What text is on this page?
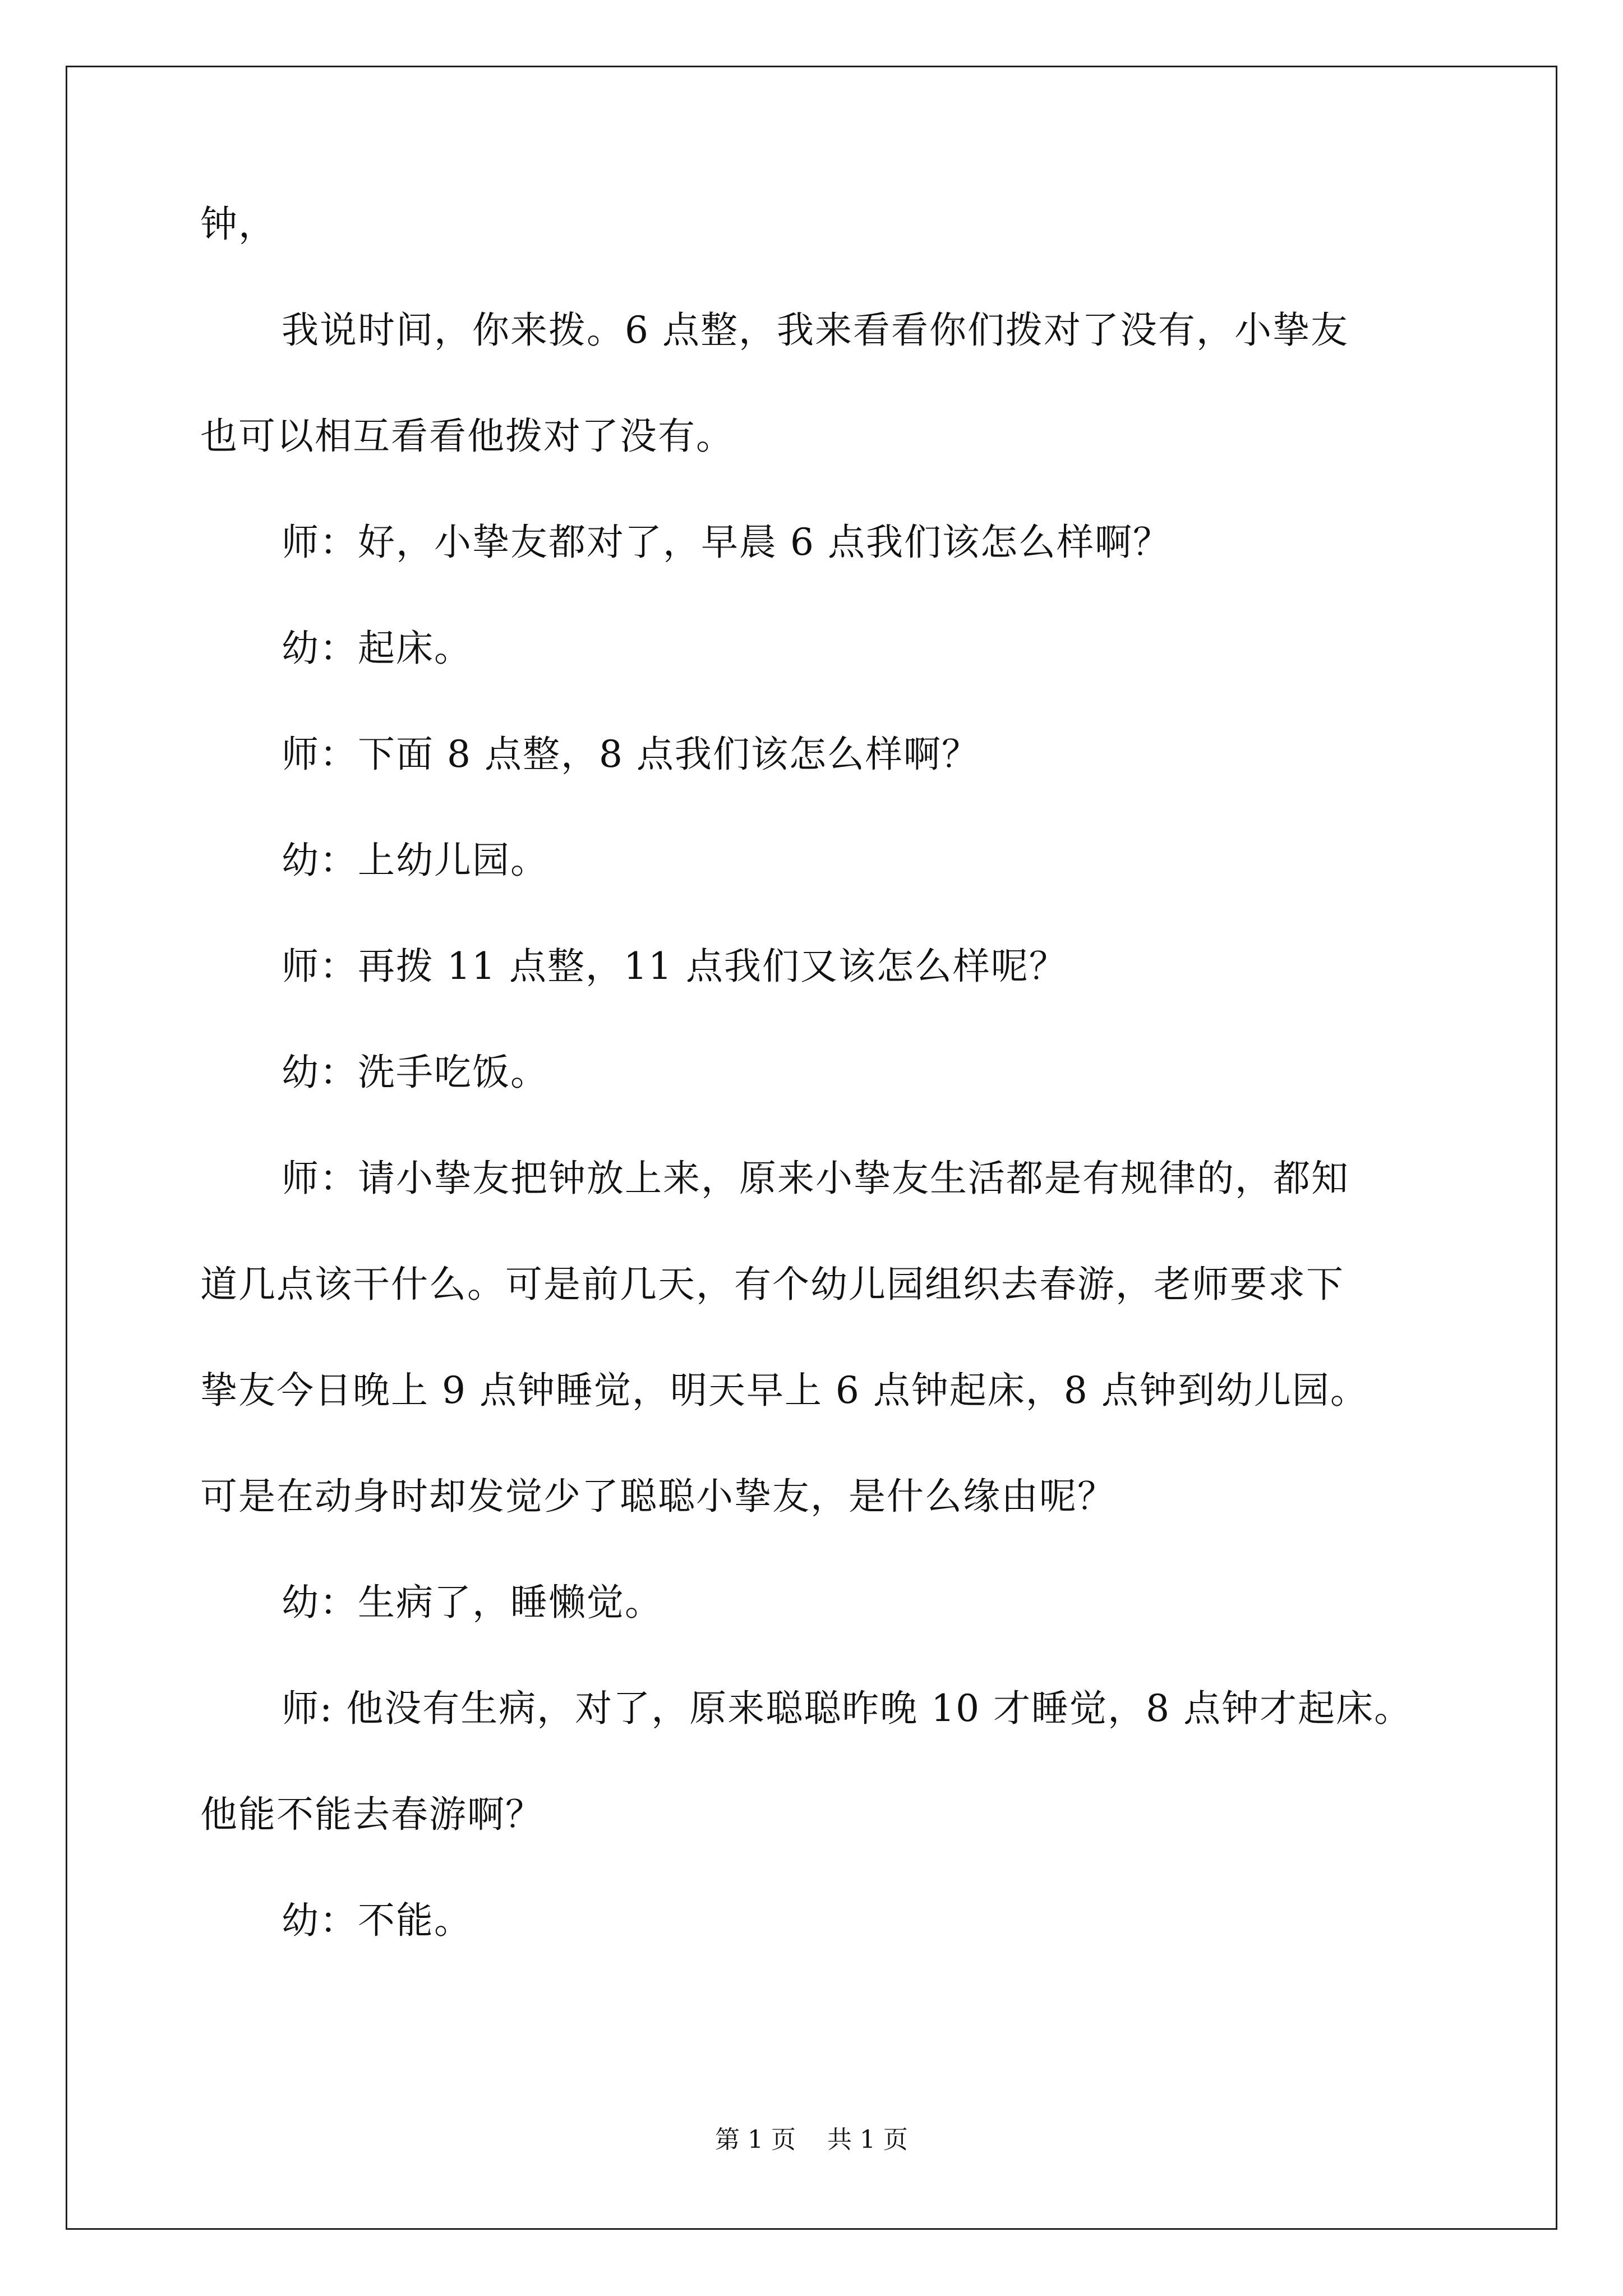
钟，
我说时间，你来拨。6 点整，我来看看你们拨对了没有，小挚友
也可以相互看看他拨对了没有。
师：好，小挚友都对了，早晨 6 点我们该怎么样啊？
幼：起床。
师：下面 8 点整，8 点我们该怎么样啊？
幼：上幼儿园。
师：再拨 11 点整，11 点我们又该怎么样呢？
幼：洗手吃饭。
师：请小挚友把钟放上来，原来小挚友生活都是有规律的，都知
道几点该干什么。可是前几天，有个幼儿园组织去春游，老师要求下
挚友今日晚上 9 点钟睡觉，明天早上 6 点钟起床，8 点钟到幼儿园。
可是在动身时却发觉少了聪聪小挚友，是什么缘由呢？
幼：生病了，睡懒觉。
师: 他没有生病，对了，原来聪聪昨晚 10 才睡觉，8 点钟才起床。
他能不能去春游啊？
幼：不能。
第 1 页    共 1 页
